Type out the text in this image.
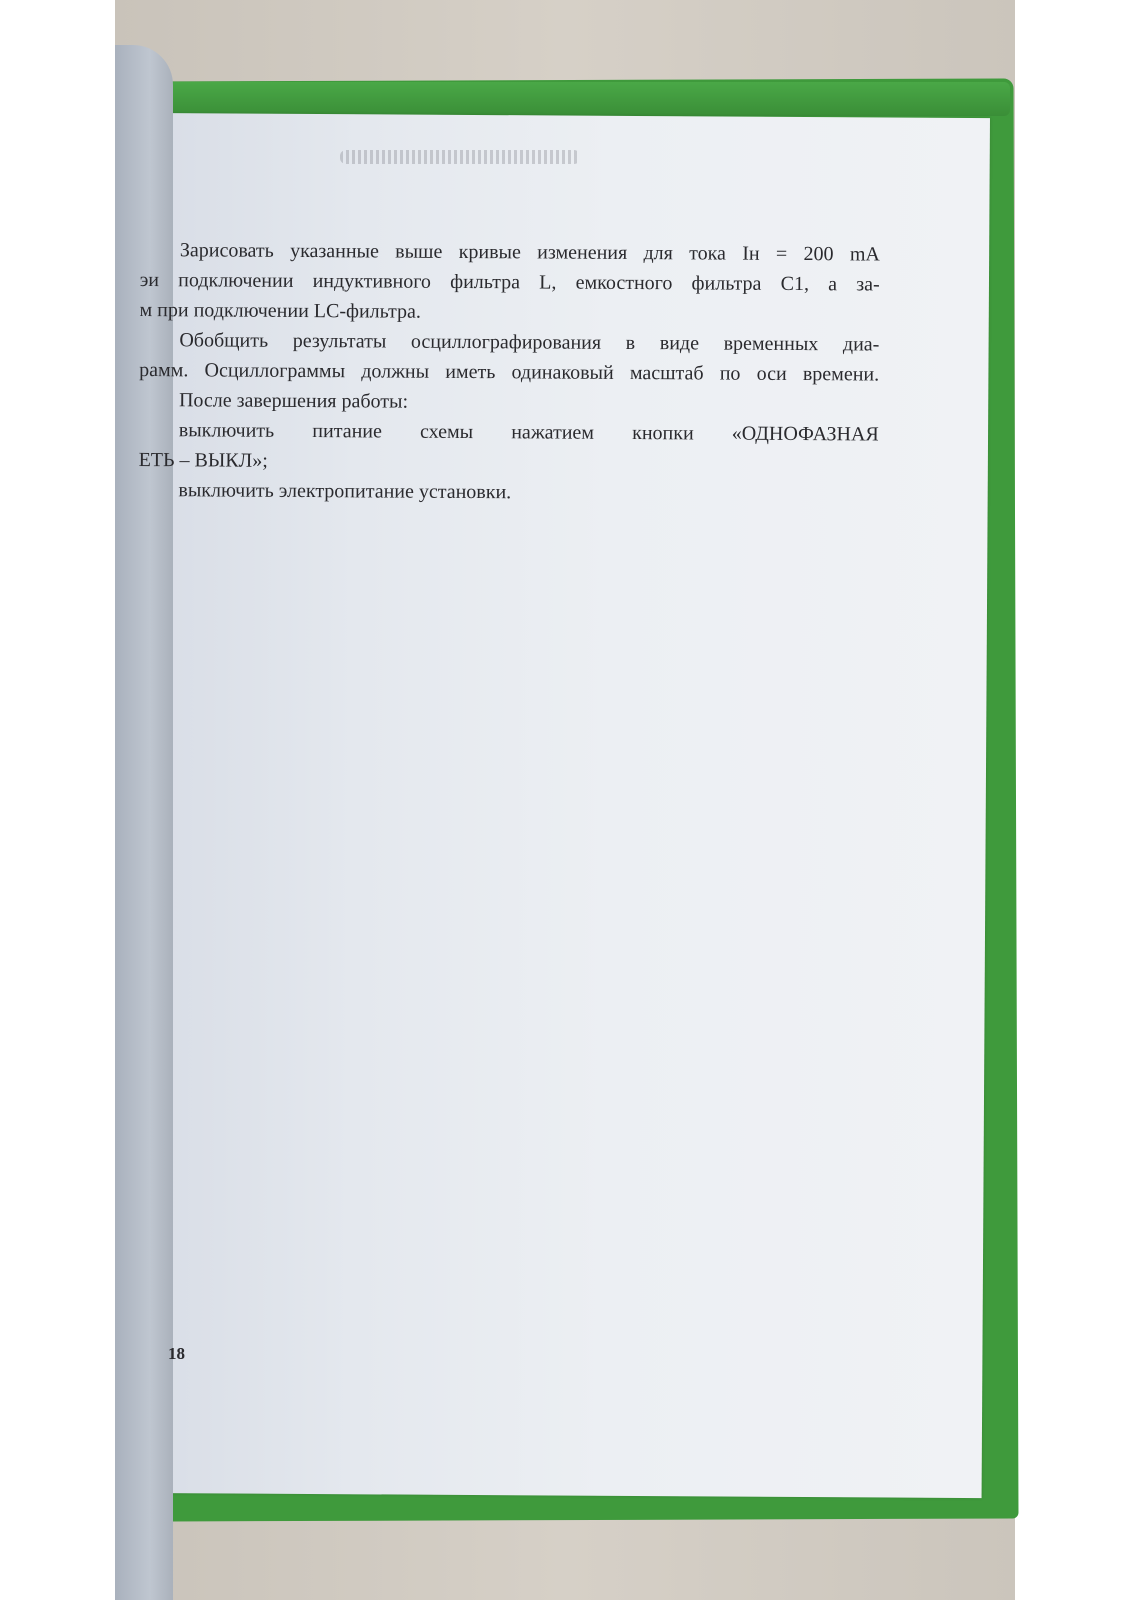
Зарисовать указанные выше кривые изменения для тока Iн = 200 mA
эи подключении индуктивного фильтра L, емкостного фильтра C1, а за-
м при подключении LC-фильтра.
Обобщить результаты осциллографирования в виде временных диа-
рамм. Осциллограммы должны иметь одинаковый масштаб по оси времени.
После завершения работы:
выключить питание схемы нажатием кнопки «ОДНОФАЗНАЯ
ЕТЬ – ВЫКЛ»;
выключить электропитание установки.
18
